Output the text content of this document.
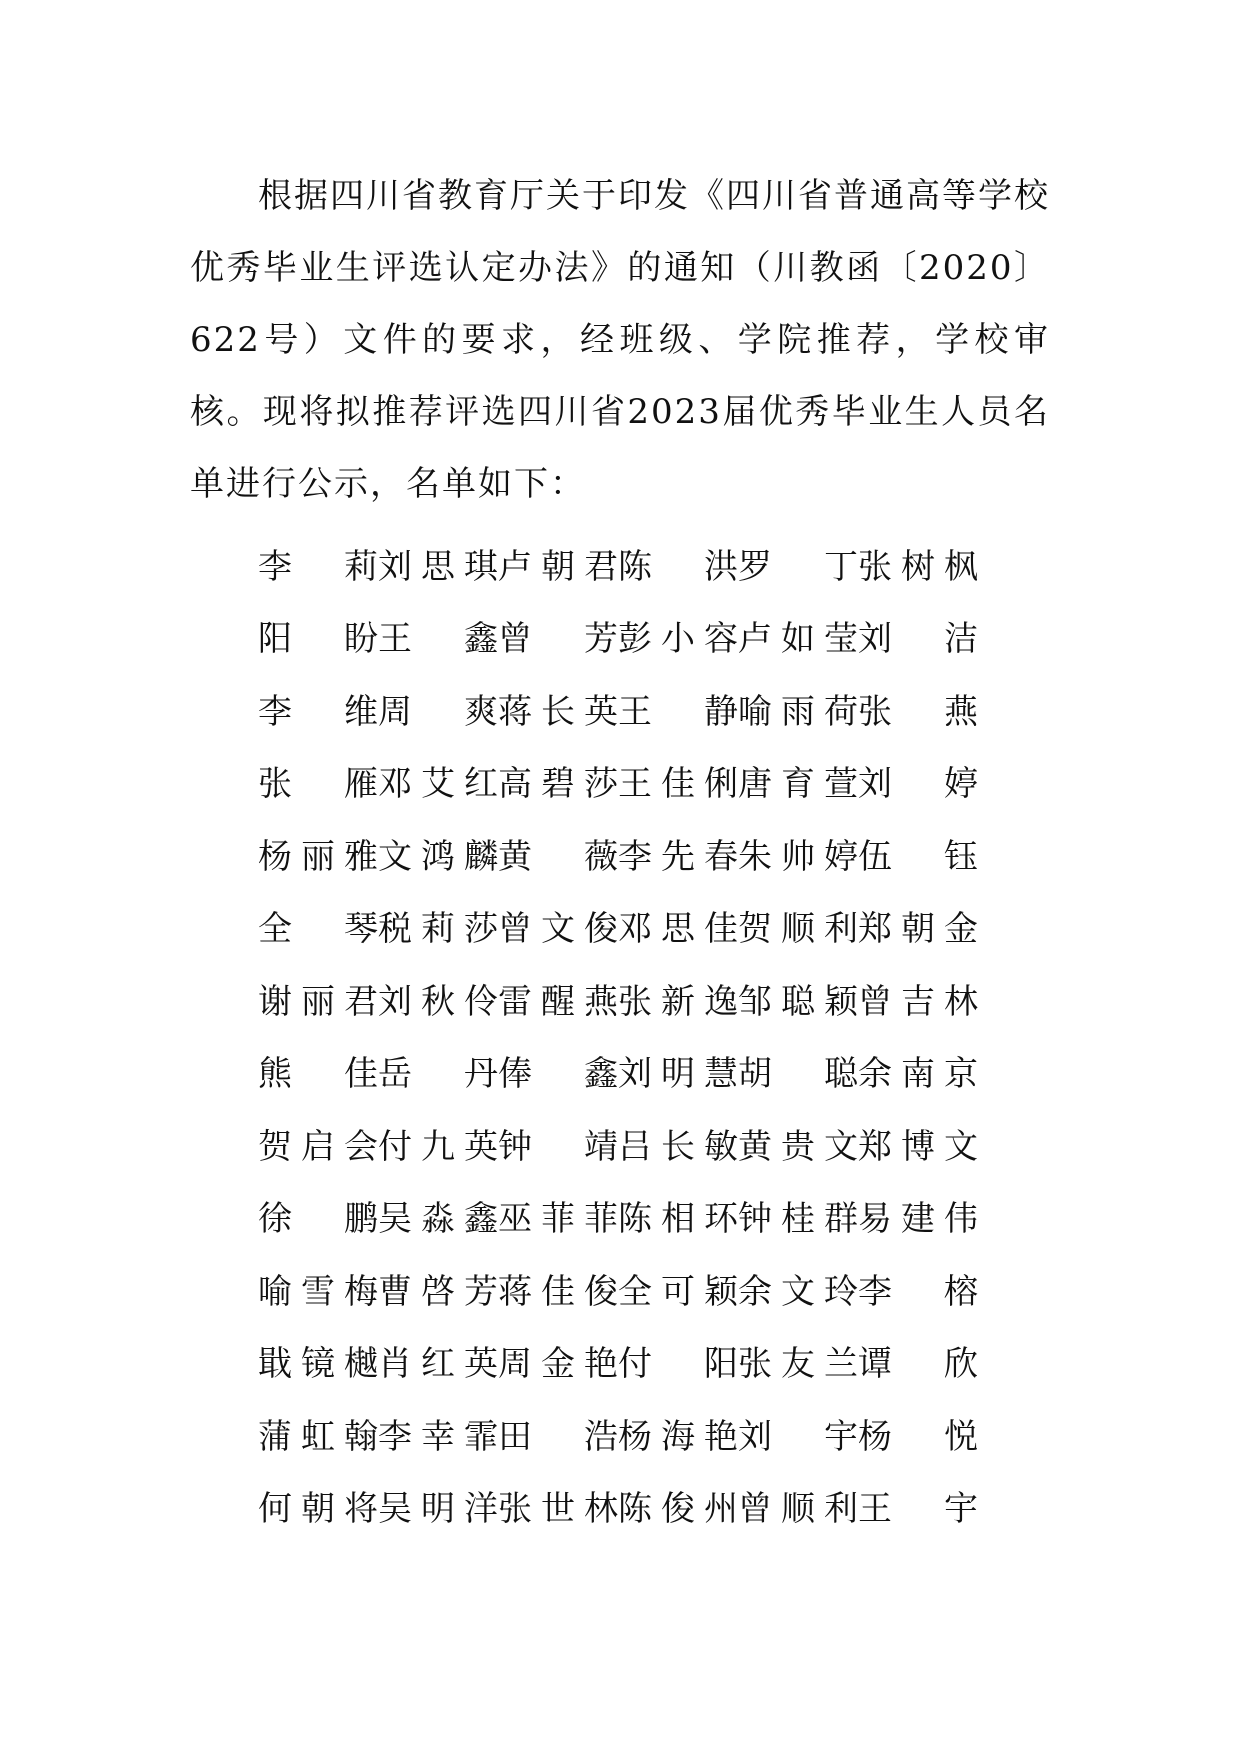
根据四川省教育厅关于印发《四川省普通高等学校优秀毕业生评选认定办法》的通知（川教函〔2020〕622号）文件的要求，经班级、学院推荐，学校审核。现将拟推荐评选四川省2023届优秀毕业生人员名单进行公示，名单如下：

李 莉 刘 思 琪 卢 朝 君 陈 洪 罗 丁 张 树 枫
阳 盼 王 鑫 曾 芳 彭 小 容 卢 如 莹 刘 洁
李 维 周 爽 蒋 长 英 王 静 喻 雨 荷 张 燕
张 雁 邓 艾 红 高 碧 莎 王 佳 俐 唐 育 萱 刘 婷
杨 丽 雅 文 鸿 麟 黄 薇 李 先 春 朱 帅 婷 伍 钰
全 琴 税 莉 莎 曾 文 俊 邓 思 佳 贺 顺 利 郑 朝 金
谢 丽 君 刘 秋 伶 雷 醒 燕 张 新 逸 邹 聪 颖 曾 吉 林
熊 佳 岳 丹 俸 鑫 刘 明 慧 胡 聪 余 南 京
贺 启 会 付 九 英 钟 靖 吕 长 敏 黄 贵 文 郑 博 文
徐 鹏 吴 淼 鑫 巫 菲 菲 陈 相 环 钟 桂 群 易 建 伟
喻 雪 梅 曹 啓 芳 蒋 佳 俊 全 可 颖 余 文 玲 李 榕
戢 镜 樾 肖 红 英 周 金 艳 付 阳 张 友 兰 谭 欣
蒲 虹 翰 李 幸 霏 田 浩 杨 海 艳 刘 宇 杨 悦
何 朝 将 吴 明 洋 张 世 林 陈 俊 州 曾 顺 利 王 宇
